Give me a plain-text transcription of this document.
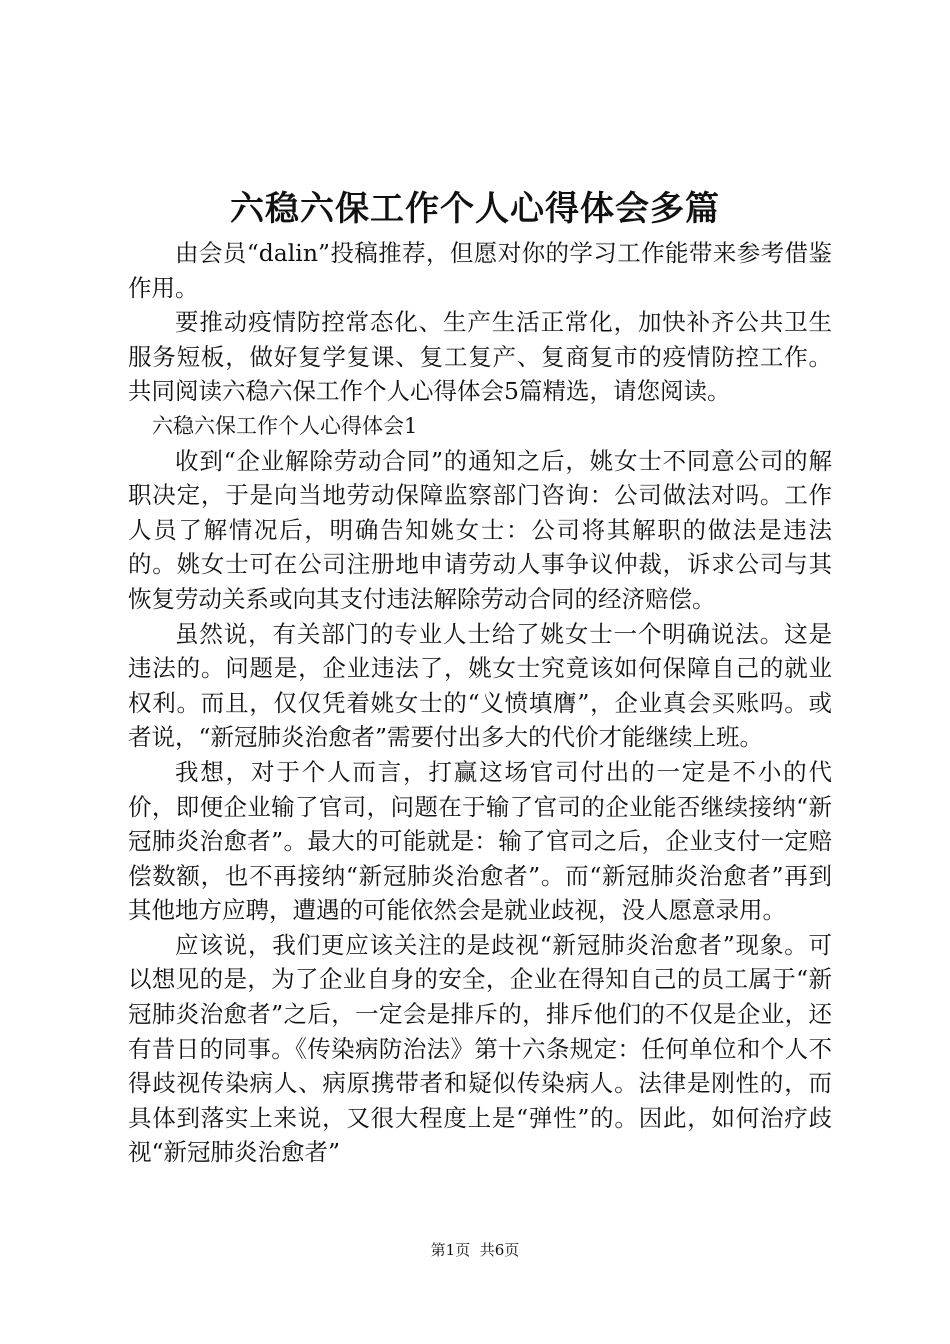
六稳六保工作个人心得体会多篇

由会员“dalin”投稿推荐，但愿对你的学习工作能带来参考借鉴作用。

要推动疫情防控常态化、生产生活正常化，加快补齐公共卫生服务短板，做好复学复课、复工复产、复商复市的疫情防控工作。共同阅读六稳六保工作个人心得体会5篇精选，请您阅读。

六稳六保工作个人心得体会1

收到“企业解除劳动合同”的通知之后，姚女士不同意公司的解职决定，于是向当地劳动保障监察部门咨询：公司做法对吗。工作人员了解情况后，明确告知姚女士：公司将其解职的做法是违法的。姚女士可在公司注册地申请劳动人事争议仲裁，诉求公司与其恢复劳动关系或向其支付违法解除劳动合同的经济赔偿。

虽然说，有关部门的专业人士给了姚女士一个明确说法。这是违法的。问题是，企业违法了，姚女士究竟该如何保障自己的就业权利。而且，仅仅凭着姚女士的“义愤填膺”，企业真会买账吗。或者说，“新冠肺炎治愈者”需要付出多大的代价才能继续上班。

我想，对于个人而言，打赢这场官司付出的一定是不小的代价，即便企业输了官司，问题在于输了官司的企业能否继续接纳“新冠肺炎治愈者”。最大的可能就是：输了官司之后，企业支付一定赔偿数额，也不再接纳“新冠肺炎治愈者”。而“新冠肺炎治愈者”再到其他地方应聘，遭遇的可能依然会是就业歧视，没人愿意录用。

应该说，我们更应该关注的是歧视“新冠肺炎治愈者”现象。可以想见的是，为了企业自身的安全，企业在得知自己的员工属于“新冠肺炎治愈者”之后，一定会是排斥的，排斥他们的不仅是企业，还有昔日的同事。《传染病防治法》第十六条规定：任何单位和个人不得歧视传染病人、病原携带者和疑似传染病人。法律是刚性的，而具体到落实上来说，又很大程度上是“弹性”的。因此，如何治疗歧视“新冠肺炎治愈者”

第1页 共6页
